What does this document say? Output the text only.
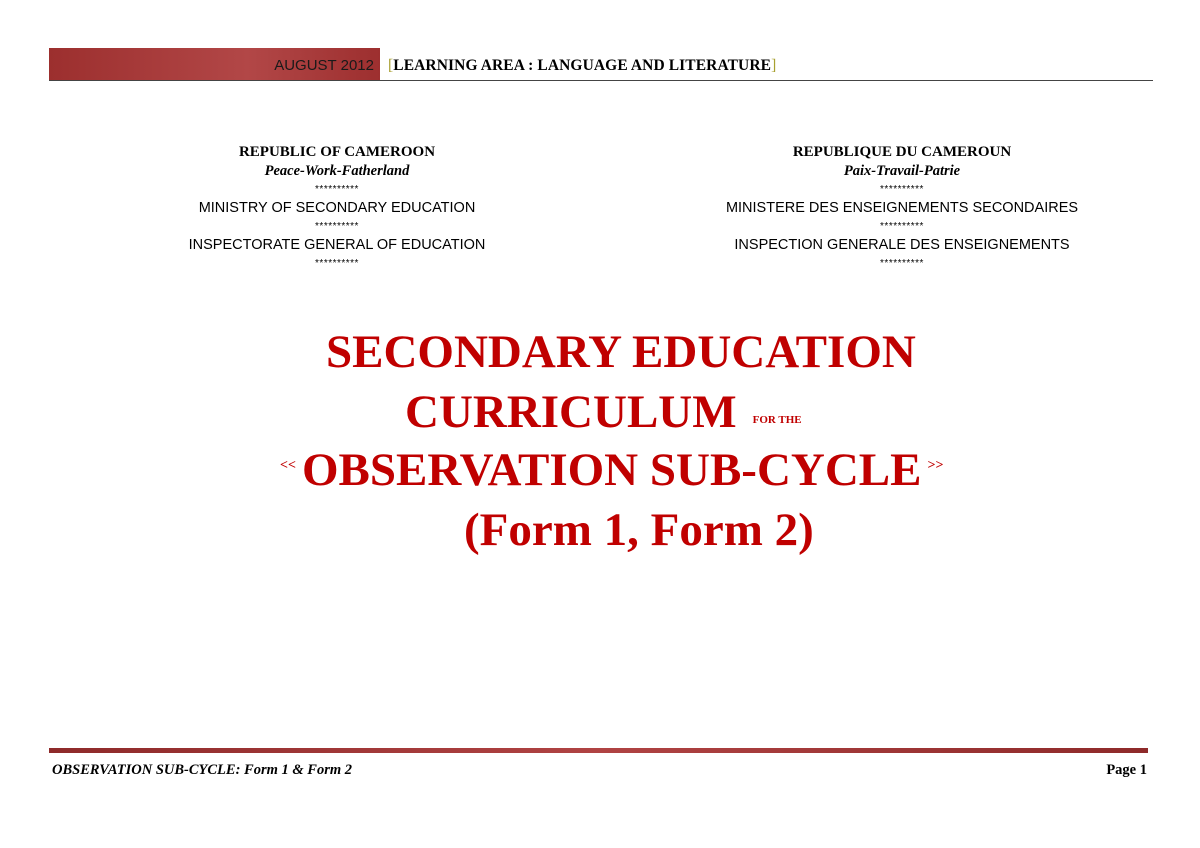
AUGUST 2012 [LEARNING AREA : LANGUAGE AND LITERATURE]
REPUBLIC OF CAMEROON
Peace-Work-Fatherland
**********
MINISTRY OF SECONDARY EDUCATION
**********
INSPECTORATE GENERAL OF EDUCATION
**********
REPUBLIQUE DU CAMEROUN
Paix-Travail-Patrie
**********
MINISTERE DES ENSEIGNEMENTS SECONDAIRES
**********
INSPECTION GENERALE DES ENSEIGNEMENTS
**********
SECONDARY EDUCATION
CURRICULUM FOR THE
<< OBSERVATION SUB-CYCLE >>
(Form 1, Form 2)
OBSERVATION SUB-CYCLE: Form 1 & Form 2	Page 1
